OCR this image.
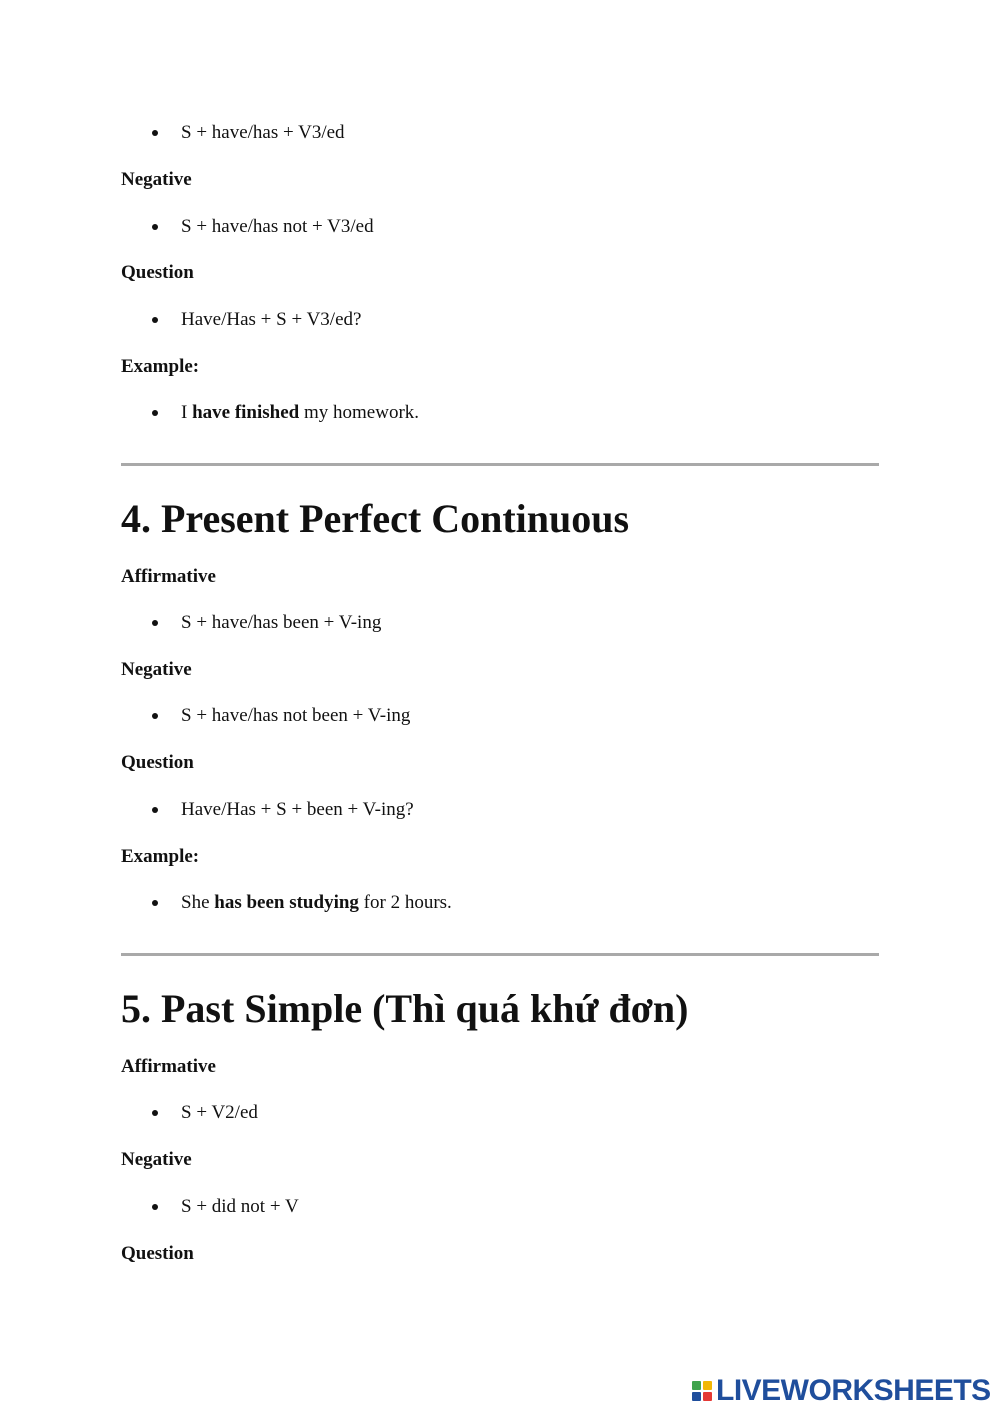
S + have/has + V3/ed

Negative

S + have/has not + V3/ed

Question

Have/Has + S + V3/ed?

Example:

I have finished my homework.
4. Present Perfect Continuous

Affirmative

S + have/has been + V-ing

Negative

S + have/has not been + V-ing

Question

Have/Has + S + been + V-ing?

Example:

She has been studying for 2 hours.
5. Past Simple (Thì quá khứ đơn)

Affirmative

S + V2/ed

Negative

S + did not + V

Question

LIVEWORKSHEETS
